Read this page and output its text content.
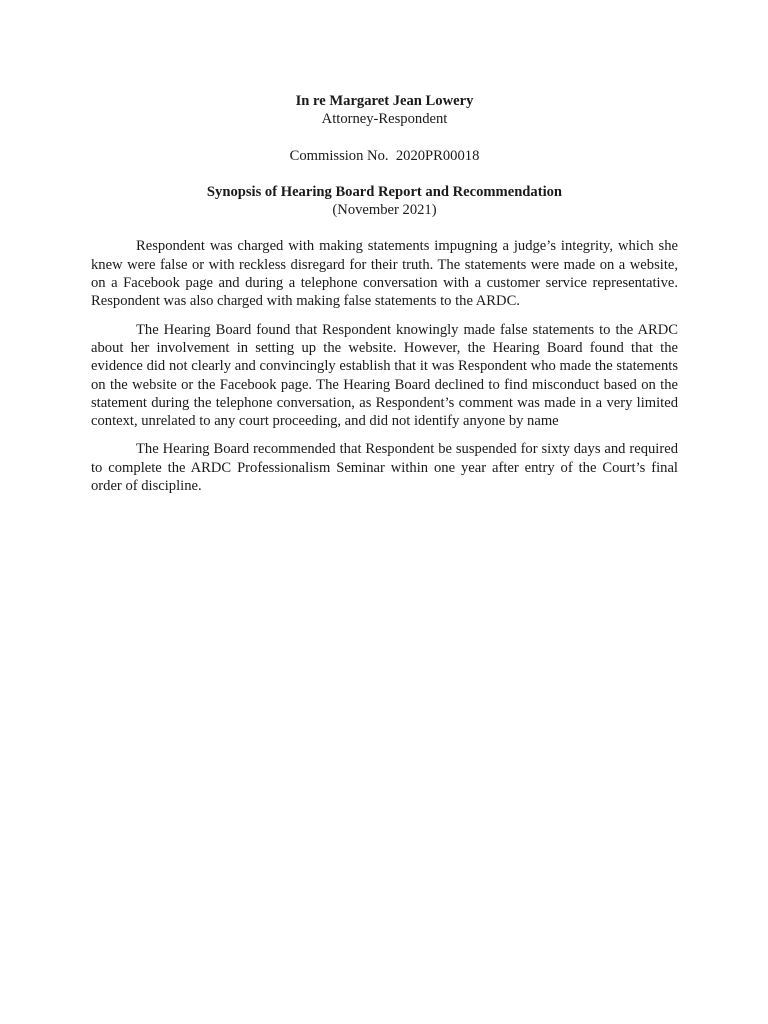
In re Margaret Jean Lowery

Attorney-Respondent

Commission No. 2020PR00018

Synopsis of Hearing Board Report and Recommendation

(November 2021)

Respondent was charged with making statements impugning a judge’s integrity, which she knew were false or with reckless disregard for their truth. The statements were made on a website, on a Facebook page and during a telephone conversation with a customer service representative. Respondent was also charged with making false statements to the ARDC.

The Hearing Board found that Respondent knowingly made false statements to the ARDC about her involvement in setting up the website. However, the Hearing Board found that the evidence did not clearly and convincingly establish that it was Respondent who made the statements on the website or the Facebook page. The Hearing Board declined to find misconduct based on the statement during the telephone conversation, as Respondent’s comment was made in a very limited context, unrelated to any court proceeding, and did not identify anyone by name

The Hearing Board recommended that Respondent be suspended for sixty days and required to complete the ARDC Professionalism Seminar within one year after entry of the Court’s final order of discipline.
